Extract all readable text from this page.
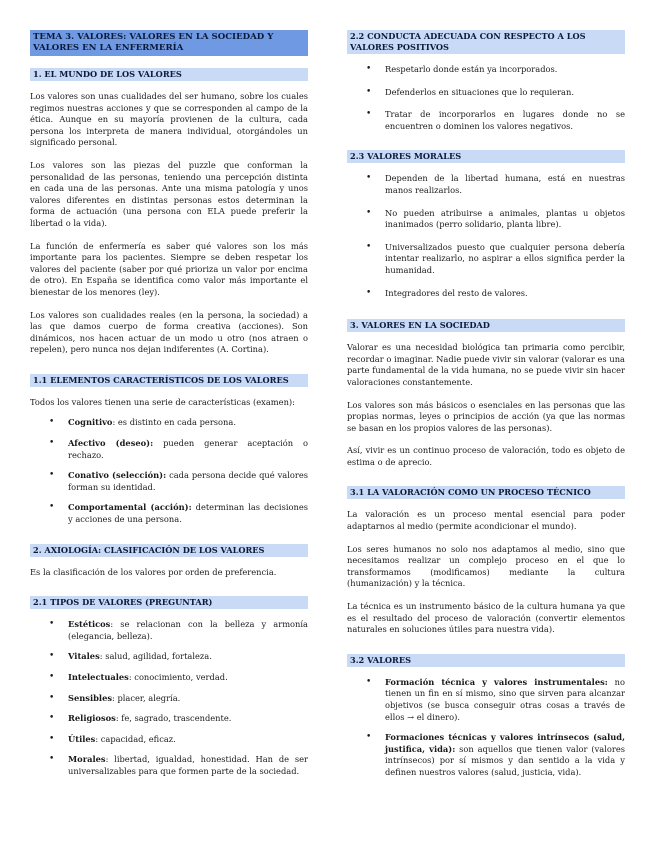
TEMA 3. VALORES: VALORES EN LA SOCIEDAD Y VALORES EN LA ENFERMERÍA
1. EL MUNDO DE LOS VALORES

Los valores son unas cualidades del ser humano, sobre los cuales regimos nuestras acciones y que se corresponden al campo de la ética. Aunque en su mayoría provienen de la cultura, cada persona los interpreta de manera individual, otorgándoles un significado personal.

Los valores son las piezas del puzzle que conforman la personalidad de las personas, teniendo una percepción distinta en cada una de las personas. Ante una misma patología y unos valores diferentes en distintas personas estos determinan la forma de actuación (una persona con ELA puede preferir la libertad o la vida).

La función de enfermería es saber qué valores son los más importante para los pacientes. Siempre se deben respetar los valores del paciente (saber por qué prioriza un valor por encima de otro). En España se identifica como valor más importante el bienestar de los menores (ley).

Los valores son cualidades reales (en la persona, la sociedad) a las que damos cuerpo de forma creativa (acciones). Son dinámicos, nos hacen actuar de un modo u otro (nos atraen o repelen), pero nunca nos dejan indiferentes (A. Cortina).

1.1 ELEMENTOS CARACTERÍSTICOS DE LOS VALORES

Todos los valores tienen una serie de características (examen):

• Cognitivo: es distinto en cada persona.
• Afectivo (deseo): pueden generar aceptación o rechazo.
• Conativo (selección): cada persona decide qué valores forman su identidad.
• Comportamental (acción): determinan las decisiones y acciones de una persona.
2. AXIOLOGÍA: CLASIFICACIÓN DE LOS VALORES

Es la clasificación de los valores por orden de preferencia.

2.1 TIPOS DE VALORES (PREGUNTAR)
• Estéticos: se relacionan con la belleza y armonía (elegancia, belleza).
• Vitales: salud, agilidad, fortaleza.
• Intelectuales: conocimiento, verdad.
• Sensibles: placer, alegría.
• Religiosos: fe, sagrado, trascendente.
• Útiles: capacidad, eficaz.
• Morales: libertad, igualdad, honestidad. Han de ser universalizables para que formen parte de la sociedad.
2.2 CONDUCTA ADECUADA CON RESPECTO A LOS VALORES POSITIVOS
• Respetarlo donde están ya incorporados.
• Defenderlos en situaciones que lo requieran.
• Tratar de incorporarlos en lugares donde no se encuentren o dominen los valores negativos.
2.3 VALORES MORALES
• Dependen de la libertad humana, está en nuestras manos realizarlos.
• No pueden atribuirse a animales, plantas u objetos inanimados (perro solidario, planta libre).
• Universalizados puesto que cualquier persona debería intentar realizarlo, no aspirar a ellos significa perder la humanidad.
• Integradores del resto de valores.
3. VALORES EN LA SOCIEDAD

Valorar es una necesidad biológica tan primaria como percibir, recordar o imaginar. Nadie puede vivir sin valorar (valorar es una parte fundamental de la vida humana, no se puede vivir sin hacer valoraciones constantemente.

Los valores son más básicos o esenciales en las personas que las propias normas, leyes o principios de acción (ya que las normas se basan en los propios valores de las personas).

Así, vivir es un continuo proceso de valoración, todo es objeto de estima o de aprecio.

3.1 LA VALORACIÓN COMO UN PROCESO TÉCNICO

La valoración es un proceso mental esencial para poder adaptarnos al medio (permite acondicionar el mundo).

Los seres humanos no solo nos adaptamos al medio, sino que necesitamos realizar un complejo proceso en el que lo transformamos (modificamos) mediante la cultura (humanización) y la técnica.

La técnica es un instrumento básico de la cultura humana ya que es el resultado del proceso de valoración (convertir elementos naturales en soluciones útiles para nuestra vida).

3.2 VALORES
• Formación técnica y valores instrumentales: no tienen un fin en sí mismo, sino que sirven para alcanzar objetivos (se busca conseguir otras cosas a través de ellos → el dinero).
• Formaciones técnicas y valores intrínsecos (salud, justifica, vida): son aquellos que tienen valor (valores intrínsecos) por sí mismos y dan sentido a la vida y definen nuestros valores (salud, justicia, vida).
